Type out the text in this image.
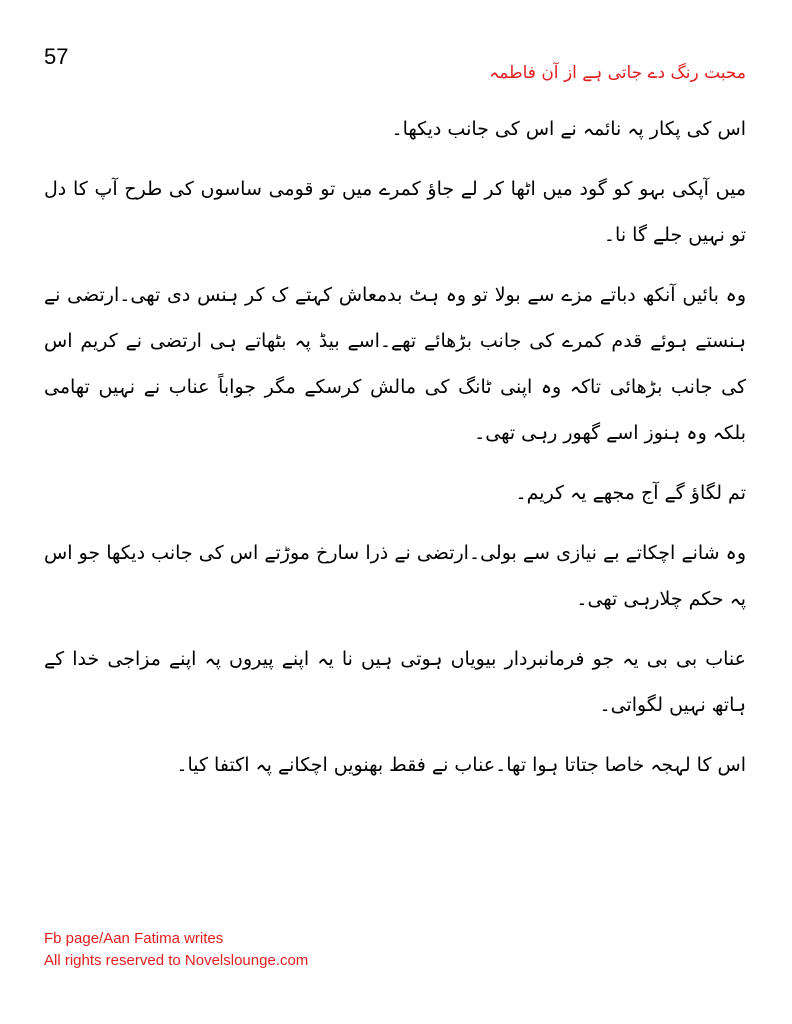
57
محبت رنگ دے جاتی ہے از آن فاطمہ

اس کی پکار پہ نائمہ نے اس کی جانب دیکھا۔

میں آپکی بہو کو گود میں اٹھا کر لے جاؤ کمرے میں تو قومی ساسوں کی طرح آپ کا دل تو نہیں جلے گا نا۔

وہ بائیں آنکھ دباتے مزے سے بولا تو وہ ہٹ بدمعاش کہتے ک کر ہنس دی تھی۔ارتضی نے ہنستے ہوئے قدم کمرے کی جانب بڑھائے تھے۔اسے بیڈ پہ بٹھاتے ہی ارتضی نے کریم اس کی جانب بڑھائی تاکہ وہ اپنی ٹانگ کی مالش کرسکے مگر جواباً عناب نے نہیں تھامی بلکہ وہ ہنوز اسے گھور رہی تھی۔

تم لگاؤ گے آج مجھے یہ کریم۔

وہ شانے اچکاتے بے نیازی سے بولی۔ارتضی نے ذرا سارخ موڑتے اس کی جانب دیکھا جو اس پہ حکم چلارہی تھی۔

عناب بی بی یہ جو فرمانبردار بیویاں ہوتی ہیں نا یہ اپنے پیروں پہ اپنے مزاجی خدا کے ہاتھ نہیں لگواتی۔

اس کا لہجہ خاصا جتاتا ہوا تھا۔عناب نے فقط بھنویں اچکانے پہ اکتفا کیا۔

Fb page/Aan Fatima writes
All rights reserved to Novelslounge.com
